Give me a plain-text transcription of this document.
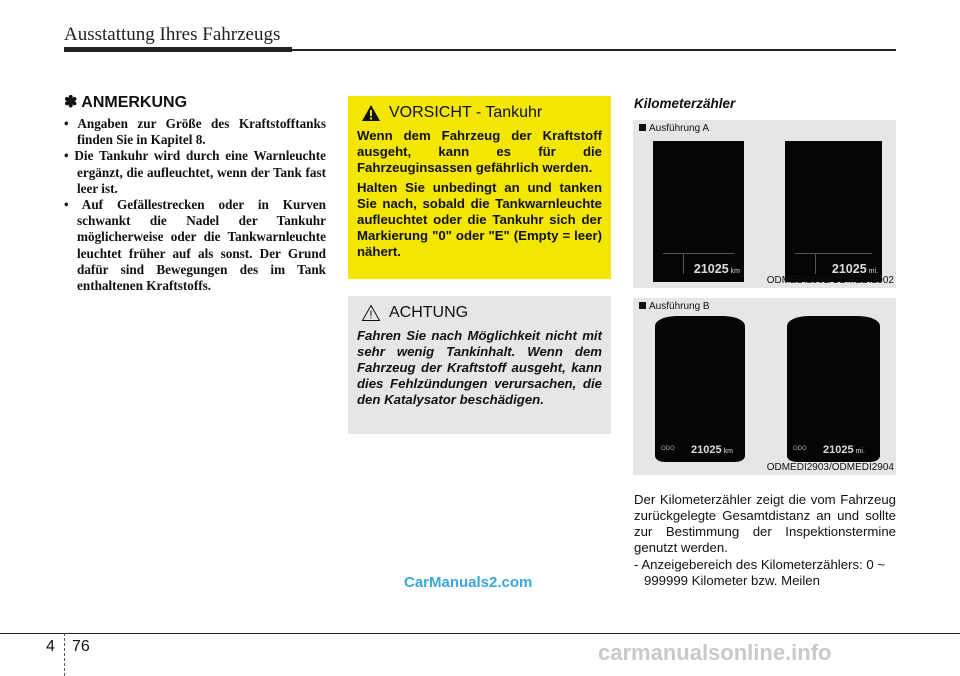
Ausstattung Ihres Fahrzeugs
✽ ANMERKUNG
• Angaben zur Größe des Kraftstofftanks finden Sie in Kapitel 8.
• Die Tankuhr wird durch eine Warnleuchte ergänzt, die aufleuchtet, wenn der Tank fast leer ist.
• Auf Gefällestrecken oder in Kurven schwankt die Nadel der Tankuhr möglicherweise oder die Tankwarnleuchte leuchtet früher auf als sonst. Der Grund dafür sind Bewegungen des im Tank enthaltenen Kraftstoffs.
VORSICHT - Tankuhr

Wenn dem Fahrzeug der Kraftstoff ausgeht, kann es für die Fahrzeuginsassen gefährlich werden.

Halten Sie unbedingt an und tanken Sie nach, sobald die Tankwarnleuchte aufleuchtet oder die Tankuhr sich der Markierung "0" oder "E" (Empty = leer) nähert.

ACHTUNG

Fahren Sie nach Möglichkeit nicht mit sehr wenig Tankinhalt. Wenn dem Fahrzeug der Kraftstoff ausgeht, kann dies Fehlzündungen verursachen, die den Katalysator beschädigen.

Kilometerzähler
Ausführung A
21025 km	21025 mi.
ODMEDI2901/ODMEDI2902
Ausführung B
ODO 21025 km	ODO 21025 mi.
ODMEDI2903/ODMEDI2904

Der Kilometerzähler zeigt die vom Fahrzeug zurückgelegte Gesamtdistanz an und sollte zur Bestimmung der Inspektionstermine genutzt werden.

- Anzeigebereich des Kilometerzählers: 0 ~ 999999 Kilometer bzw. Meilen
CarManuals2.com
4 76	carmanualsonline.info
